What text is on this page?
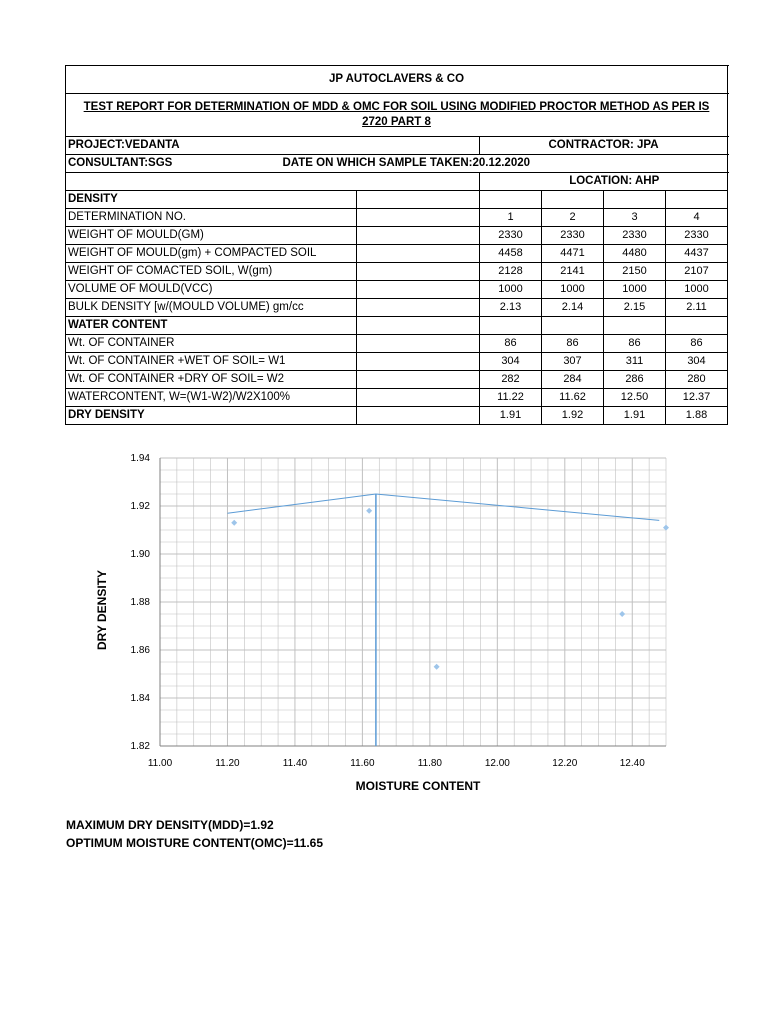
JP AUTOCLAVERS & CO						
TEST REPORT FOR DETERMINATION OF MDD & OMC FOR SOIL USING MODIFIED PROCTOR METHOD AS PER IS 2720 PART 8						
PROJECT:VEDANTA		CONTRACTOR: JPA				
CONSULTANT:SGS	DATE ON WHICH SAMPLE TAKEN:20.12.2020					
			LOCATION: AHP			
DENSITY						
DETERMINATION NO.		1	2	3	4	
WEIGHT OF MOULD(GM)		2330	2330	2330	2330	
WEIGHT OF MOULD(gm) + COMPACTED SOIL		4458	4471	4480	4437	
WEIGHT OF COMACTED SOIL, W(gm)		2128	2141	2150	2107	
VOLUME OF MOULD(VCC)		1000	1000	1000	1000	
BULK DENSITY [w/(MOULD VOLUME) gm/cc		2.13	2.14	2.15	2.11	
WATER CONTENT						
Wt. OF CONTAINER		86	86	86	86	
Wt. OF CONTAINER +WET OF SOIL= W1		304	307	311	304	
Wt. OF CONTAINER +DRY OF SOIL= W2		282	284	286	280	
WATERCONTENT, W=(W1-W2)/W2X100%		11.22	11.62	12.50	12.37	
DRY DENSITY		1.91	1.92	1.91	1.88	
11.00	11.20	11.40	11.60	11.80	12.00	12.20	12.40
1.82
1.84
1.86
1.88
1.90
1.92
1.94
MOISTURE CONTENT
DRY DENSITY
MAXIMUM DRY DENSITY(MDD)=1.92
OPTIMUM MOISTURE CONTENT(OMC)=11.65
